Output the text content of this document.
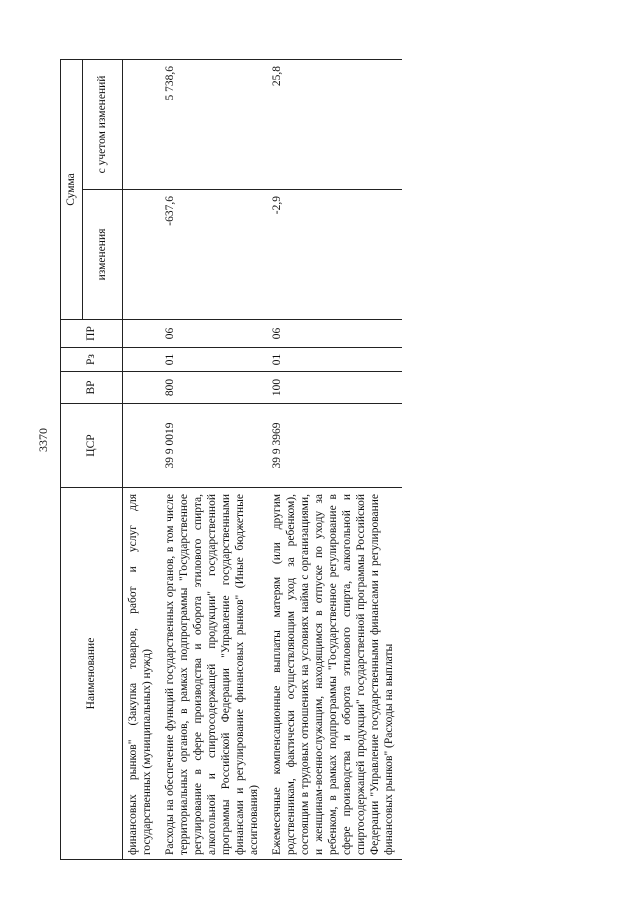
3370
Наименование	ЦСР	ВР	Рз	ПР	Сумма	
					изменения	с учетом изменений
финансовых рынков" (Закупка товаров, работ и услуг для государственных (муниципальных) нужд)						
Расходы на обеспечение функций государственных органов, в том числе территориальных органов, в рамках подпрограммы "Государственное регулирование в сфере производства и оборота этилового спирта, алкогольной и спиртосодержащей продукции" государственной программы Российской Федерации "Управление государственными финансами и регулирование финансовых рынков" (Иные бюджетные ассигнования)	39 9 0019	800	01	06	-637,6	5 738,6
Ежемесячные компенсационные выплаты матерям (или другим родственникам, фактически осуществляющим уход за ребенком), состоящим в трудовых отношениях на условиях найма с организациями, и женщинам-военнослужащим, находящимся в отпуске по уходу за ребенком, в рамках подпрограммы "Государственное регулирование в сфере производства и оборота этилового спирта, алкогольной и спиртосодержащей продукции" государственной программы Российской Федерации "Управление государственными финансами и регулирование финансовых рынков" (Расходы на выплаты	39 9 3969	100	01	06	-2,9	25,8
